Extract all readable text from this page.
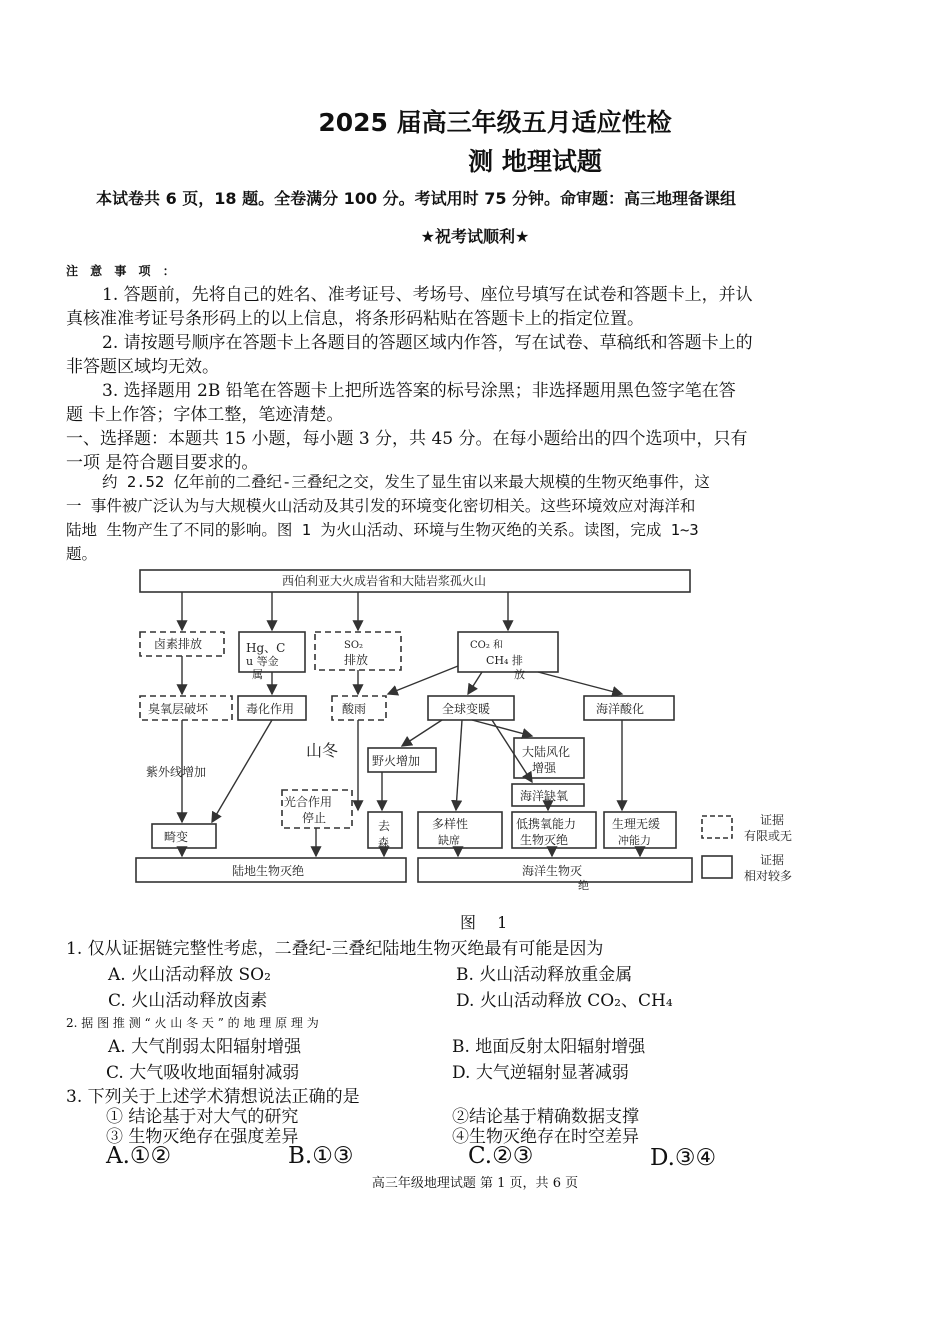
2025 届高三年级五月适应性检
测 地理试题
本试卷共 6 页，18 题。全卷满分 100 分。考试用时 75 分钟。命审题：高三地理备课组
★祝考试顺利★
注 意 事 项 ：
1. 答题前，先将自己的姓名、准考证号、考场号、座位号填写在试卷和答题卡上，并认
真核准准考证号条形码上的以上信息，将条形码粘贴在答题卡上的指定位置。
2. 请按题号顺序在答题卡上各题目的答题区域内作答，写在试卷、草稿纸和答题卡上的
非答题区域均无效。
3. 选择题用 2B 铅笔在答题卡上把所选答案的标号涂黑；非选择题用黑色签字笔在答
题 卡上作答；字体工整，笔迹清楚。
一、选择题：本题共 15 小题，每小题 3 分，共 45 分。在每小题给出的四个选项中，只有
一项 是符合题目要求的。
约 2.52 亿年前的二叠纪-三叠纪之交，发生了显生宙以来最大规模的生物灭绝事件，这
一 事件被广泛认为与大规模火山活动及其引发的环境变化密切相关。这些环境效应对海洋和
陆地 生物产生了不同的影响。图 1 为火山活动、环境与生物灭绝的关系。读图，完成 1~3
题。
西伯利亚大火成岩省和大陆岩浆孤火山
卤素排放	Hg、C
u 等金
属
SO₂
排放
CO₂ 和
CH₄ 排
放
臭氧层破坏	毒化作用	酸雨	全球变暖	海洋酸化
山冬
紫外线增加
野火增加
大陆风化
增强
海洋缺氧
光合作用
停止
畸变
去
森
多样性
缺席
低携氧能力
生物灭绝
生理无缓
冲能力
陆地生物灭绝	海洋生物灭
绝
证据
有限或无
证据
相对较多
图 1
1. 仅从证据链完整性考虑，二叠纪-三叠纪陆地生物灭绝最有可能是因为
A. 火山活动释放 SO₂	B. 火山活动释放重金属
C. 火山活动释放卤素	D. 火山活动释放 CO₂、CH₄
2. 据 图 推 测 “ 火 山 冬 天 ” 的 地 理 原 理 为
A. 大气削弱太阳辐射增强	B. 地面反射太阳辐射增强
C. 大气吸收地面辐射减弱	D. 大气逆辐射显著减弱
3. 下列关于上述学术猜想说法正确的是
① 结论基于对大气的研究	②结论基于精确数据支撑
③ 生物灭绝存在强度差异	④生物灭绝存在时空差异
A.①②	B.①③	C.②③	D.③④
高三年级地理试题 第 1 页，共 6 页
